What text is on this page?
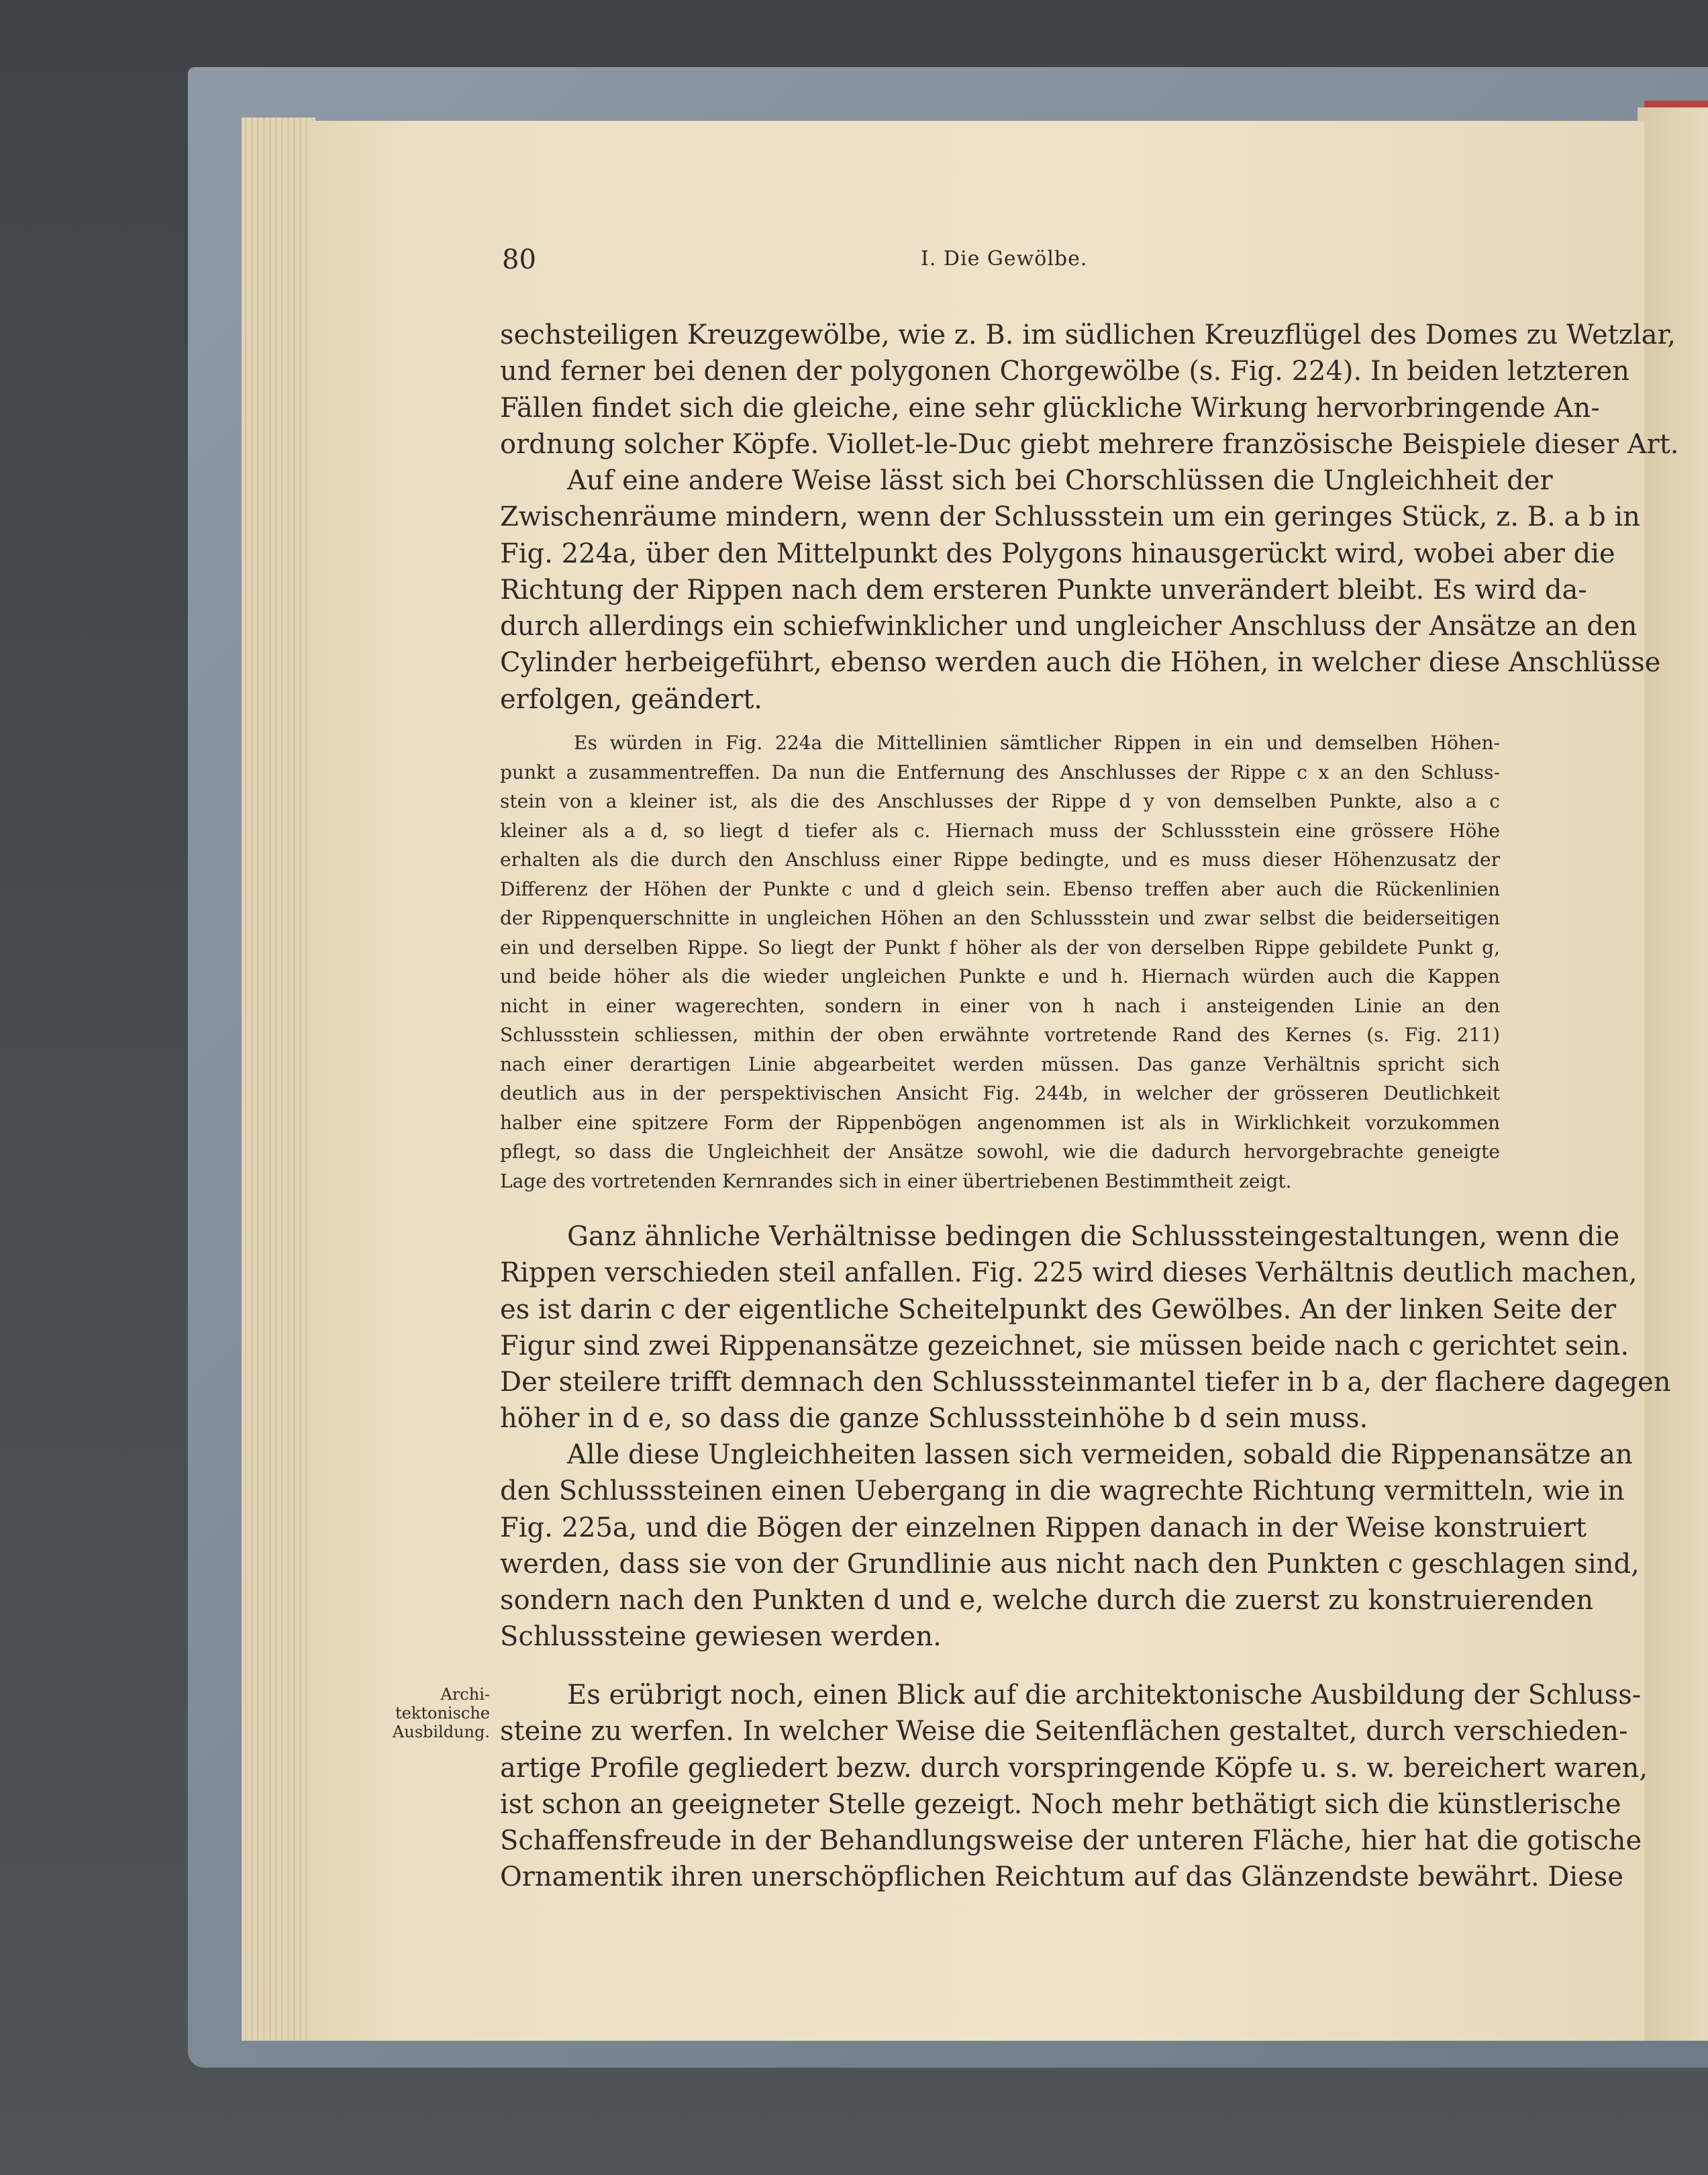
80	I. Die Gewölbe.
sechsteiligen Kreuzgewölbe, wie z. B. im südlichen Kreuzflügel des Domes zu Wetzlar,
und ferner bei denen der polygonen Chorgewölbe (s. Fig. 224). In beiden letzteren
Fällen findet sich die gleiche, eine sehr glückliche Wirkung hervorbringende An-
ordnung solcher Köpfe. Viollet-le-Duc giebt mehrere französische Beispiele dieser Art.
Auf eine andere Weise lässt sich bei Chorschlüssen die Ungleichheit der
Zwischenräume mindern, wenn der Schlussstein um ein geringes Stück, z. B. a b in
Fig. 224a, über den Mittelpunkt des Polygons hinausgerückt wird, wobei aber die
Richtung der Rippen nach dem ersteren Punkte unverändert bleibt. Es wird da-
durch allerdings ein schiefwinklicher und ungleicher Anschluss der Ansätze an den
Cylinder herbeigeführt, ebenso werden auch die Höhen, in welcher diese Anschlüsse
erfolgen, geändert.
Es würden in Fig. 224a die Mittellinien sämtlicher Rippen in ein und demselben Höhen-
punkt a zusammentreffen. Da nun die Entfernung des Anschlusses der Rippe c x an den Schluss-
stein von a kleiner ist, als die des Anschlusses der Rippe d y von demselben Punkte, also a c
kleiner als a d, so liegt d tiefer als c. Hiernach muss der Schlussstein eine grössere Höhe
erhalten als die durch den Anschluss einer Rippe bedingte, und es muss dieser Höhenzusatz der
Differenz der Höhen der Punkte c und d gleich sein. Ebenso treffen aber auch die Rückenlinien
der Rippenquerschnitte in ungleichen Höhen an den Schlussstein und zwar selbst die beiderseitigen
ein und derselben Rippe. So liegt der Punkt f höher als der von derselben Rippe gebildete Punkt g,
und beide höher als die wieder ungleichen Punkte e und h. Hiernach würden auch die Kappen
nicht in einer wagerechten, sondern in einer von h nach i ansteigenden Linie an den
Schlussstein schliessen, mithin der oben erwähnte vortretende Rand des Kernes (s. Fig. 211)
nach einer derartigen Linie abgearbeitet werden müssen. Das ganze Verhältnis spricht sich
deutlich aus in der perspektivischen Ansicht Fig. 244b, in welcher der grösseren Deutlichkeit
halber eine spitzere Form der Rippenbögen angenommen ist als in Wirklichkeit vorzukommen
pflegt, so dass die Ungleichheit der Ansätze sowohl, wie die dadurch hervorgebrachte geneigte
Lage des vortretenden Kernrandes sich in einer übertriebenen Bestimmtheit zeigt.
Ganz ähnliche Verhältnisse bedingen die Schlusssteingestaltungen, wenn die
Rippen verschieden steil anfallen. Fig. 225 wird dieses Verhältnis deutlich machen,
es ist darin c der eigentliche Scheitelpunkt des Gewölbes. An der linken Seite der
Figur sind zwei Rippenansätze gezeichnet, sie müssen beide nach c gerichtet sein.
Der steilere trifft demnach den Schlusssteinmantel tiefer in b a, der flachere dagegen
höher in d e, so dass die ganze Schlusssteinhöhe b d sein muss.
Alle diese Ungleichheiten lassen sich vermeiden, sobald die Rippenansätze an
den Schlusssteinen einen Uebergang in die wagrechte Richtung vermitteln, wie in
Fig. 225a, und die Bögen der einzelnen Rippen danach in der Weise konstruiert
werden, dass sie von der Grundlinie aus nicht nach den Punkten c geschlagen sind,
sondern nach den Punkten d und e, welche durch die zuerst zu konstruierenden
Schlusssteine gewiesen werden.
Archi-
tektonische
Ausbildung.
Es erübrigt noch, einen Blick auf die architektonische Ausbildung der Schluss-
steine zu werfen. In welcher Weise die Seitenflächen gestaltet, durch verschieden-
artige Profile gegliedert bezw. durch vorspringende Köpfe u. s. w. bereichert waren,
ist schon an geeigneter Stelle gezeigt. Noch mehr bethätigt sich die künstlerische
Schaffensfreude in der Behandlungsweise der unteren Fläche, hier hat die gotische
Ornamentik ihren unerschöpflichen Reichtum auf das Glänzendste bewährt. Diese
